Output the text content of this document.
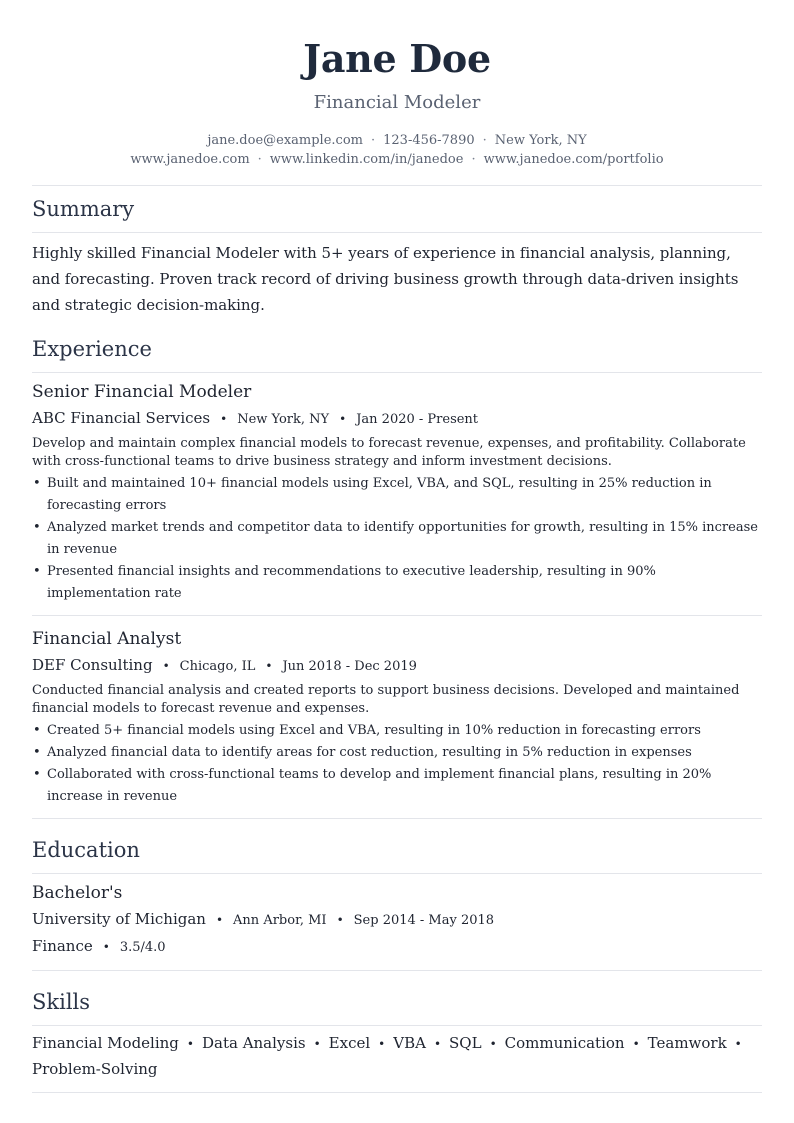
Jane Doe
Financial Modeler
jane.doe@example.com · 123-456-7890 · New York, NY
www.janedoe.com · www.linkedin.com/in/janedoe · www.janedoe.com/portfolio
Summary
Highly skilled Financial Modeler with 5+ years of experience in financial analysis, planning, and forecasting. Proven track record of driving business growth through data-driven insights and strategic decision-making.
Experience
Senior Financial Modeler
ABC Financial Services • New York, NY • Jan 2020 - Present
Develop and maintain complex financial models to forecast revenue, expenses, and profitability. Collaborate with cross-functional teams to drive business strategy and inform investment decisions.
• Built and maintained 10+ financial models using Excel, VBA, and SQL, resulting in 25% reduction in forecasting errors
• Analyzed market trends and competitor data to identify opportunities for growth, resulting in 15% increase in revenue
• Presented financial insights and recommendations to executive leadership, resulting in 90% implementation rate
Financial Analyst
DEF Consulting • Chicago, IL • Jun 2018 - Dec 2019
Conducted financial analysis and created reports to support business decisions. Developed and maintained financial models to forecast revenue and expenses.
• Created 5+ financial models using Excel and VBA, resulting in 10% reduction in forecasting errors
• Analyzed financial data to identify areas for cost reduction, resulting in 5% reduction in expenses
• Collaborated with cross-functional teams to develop and implement financial plans, resulting in 20% increase in revenue
Education
Bachelor's
University of Michigan • Ann Arbor, MI • Sep 2014 - May 2018
Finance • 3.5/4.0
Skills
Financial Modeling • Data Analysis • Excel • VBA • SQL • Communication • Teamwork •
Problem-Solving
